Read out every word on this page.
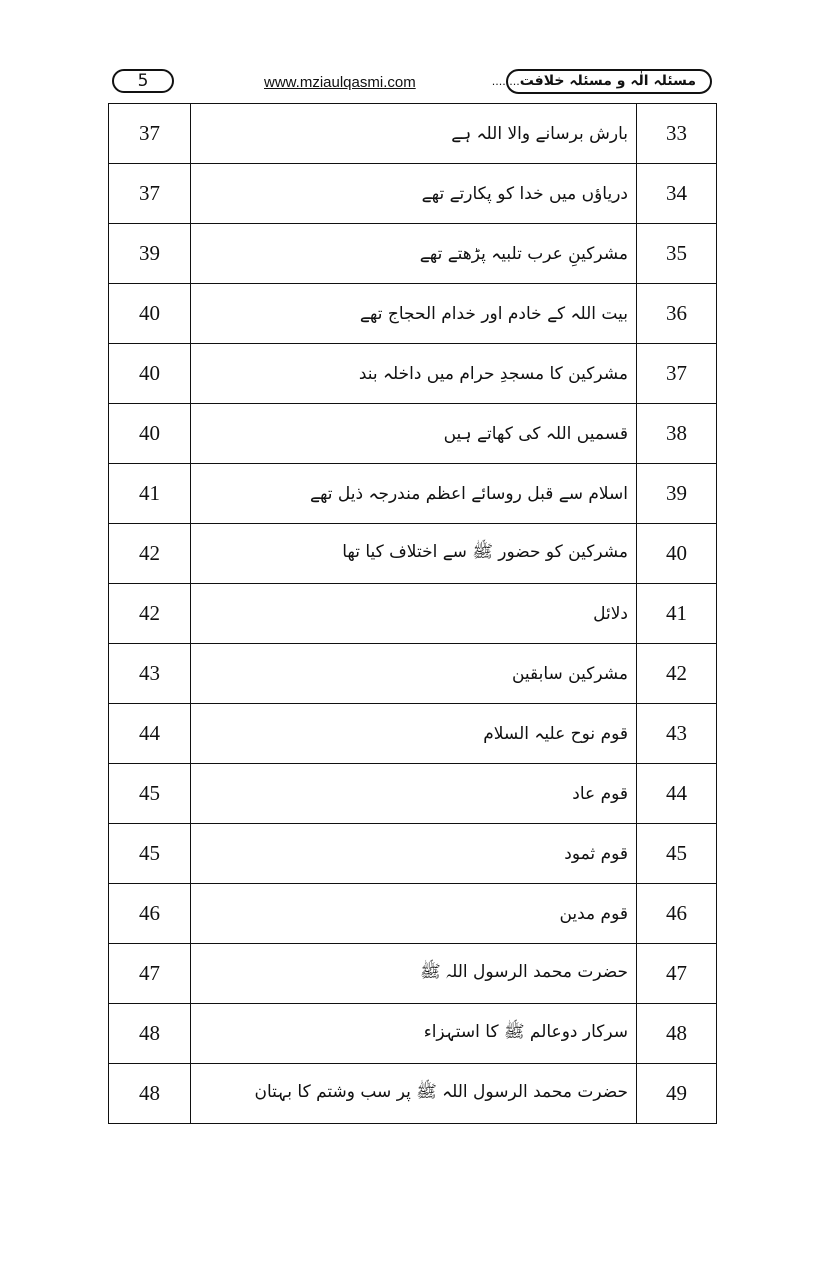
5	www.mziaulqasmi.com	مسئلہ الٰہ و مسئلہ خلافت........
37	بارش برسانے والا اللہ ہے	33
37	دریاؤں میں خدا کو پکارتے تھے	34
39	مشرکینِ عرب تلبیہ پڑھتے تھے	35
40	بیت اللہ کے خادم اور خدام الحجاج تھے	36
40	مشرکین کا مسجدِ حرام میں داخلہ بند	37
40	قسمیں اللہ کی کھاتے ہیں	38
41	اسلام سے قبل روسائے اعظم مندرجہ ذیل تھے	39
42	مشرکین کو حضور ﷺ سے اختلاف کیا تھا	40
42	دلائل	41
43	مشرکین سابقین	42
44	قوم نوح علیہ السلام	43
45	قوم عاد	44
45	قوم ثمود	45
46	قوم مدین	46
47	حضرت محمد الرسول اللہ ﷺ	47
48	سرکار دوعالم ﷺ کا استہزاء	48
48	حضرت محمد الرسول اللہ ﷺ پر سب وشتم کا بہتان	49
